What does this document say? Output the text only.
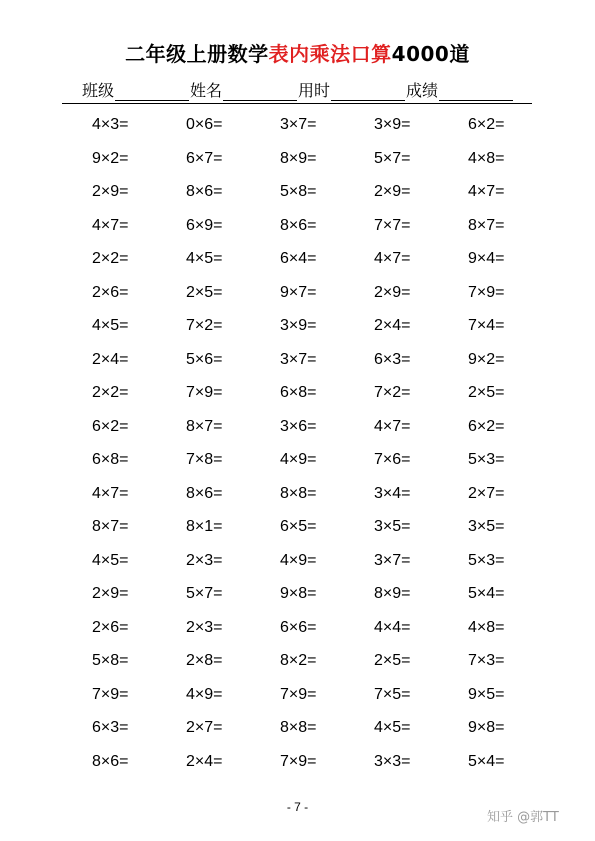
二年级上册数学表内乘法口算4000道
班级	姓名	用时	成绩
4×3=	0×6=	3×7=	3×9=	6×2=
9×2=	6×7=	8×9=	5×7=	4×8=
2×9=	8×6=	5×8=	2×9=	4×7=
4×7=	6×9=	8×6=	7×7=	8×7=
2×2=	4×5=	6×4=	4×7=	9×4=
2×6=	2×5=	9×7=	2×9=	7×9=
4×5=	7×2=	3×9=	2×4=	7×4=
2×4=	5×6=	3×7=	6×3=	9×2=
2×2=	7×9=	6×8=	7×2=	2×5=
6×2=	8×7=	3×6=	4×7=	6×2=
6×8=	7×8=	4×9=	7×6=	5×3=
4×7=	8×6=	8×8=	3×4=	2×7=
8×7=	8×1=	6×5=	3×5=	3×5=
4×5=	2×3=	4×9=	3×7=	5×3=
2×9=	5×7=	9×8=	8×9=	5×4=
2×6=	2×3=	6×6=	4×4=	4×8=
5×8=	2×8=	8×2=	2×5=	7×3=
7×9=	4×9=	7×9=	7×5=	9×5=
6×3=	2×7=	8×8=	4×5=	9×8=
8×6=	2×4=	7×9=	3×3=	5×4=
- 7 -
知乎 @郭TT
